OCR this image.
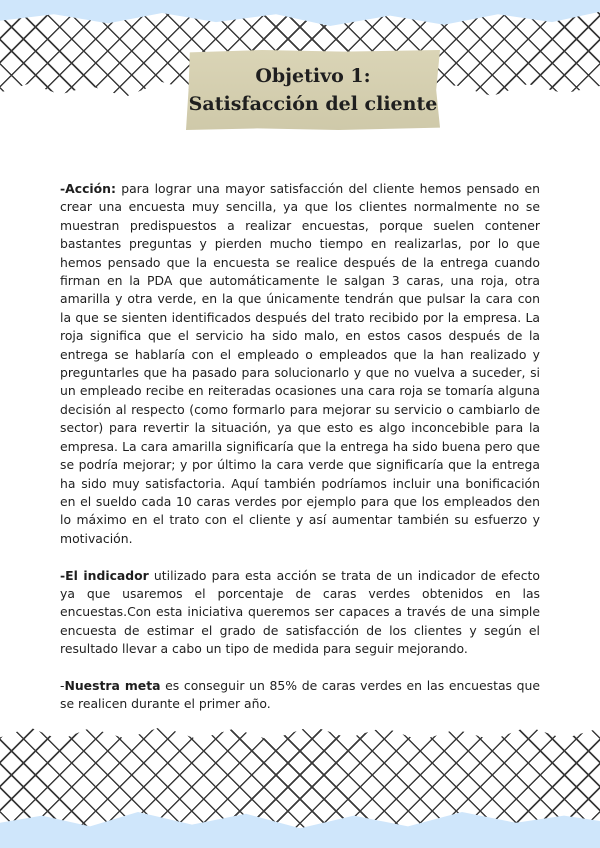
Objetivo 1:
Satisfacción del cliente

-Acción: para lograr una mayor satisfacción del cliente hemos pensado en crear una encuesta muy sencilla, ya que los clientes normalmente no se muestran predispuestos a realizar encuestas, porque suelen contener bastantes preguntas y pierden mucho tiempo en realizarlas, por lo que hemos pensado que la encuesta se realice después de la entrega cuando firman en la PDA que automáticamente le salgan 3 caras, una roja, otra amarilla y otra verde, en la que únicamente tendrán que pulsar la cara con la que se sienten identificados después del trato recibido por la empresa. La roja significa que el servicio ha sido malo, en estos casos después de la entrega se hablaría con el empleado o empleados que la han realizado y preguntarles que ha pasado para solucionarlo y que no vuelva a suceder, si un empleado recibe en reiteradas ocasiones una cara roja se tomaría alguna decisión al respecto (como formarlo para mejorar su servicio o cambiarlo de sector) para revertir la situación, ya que esto es algo inconcebible para la empresa. La cara amarilla significaría que la entrega ha sido buena pero que se podría mejorar; y por último la cara verde que significaría que la entrega ha sido muy satisfactoria. Aquí también podríamos incluir una bonificación en el sueldo cada 10 caras verdes por ejemplo para que los empleados den lo máximo en el trato con el cliente y así aumentar también su esfuerzo y motivación.

-El indicador utilizado para esta acción se trata de un indicador de efecto ya que usaremos el porcentaje de caras verdes obtenidos en las encuestas.Con esta iniciativa queremos ser capaces a través de una simple encuesta de estimar el grado de satisfacción de los clientes y según el resultado llevar a cabo un tipo de medida para seguir mejorando.

-Nuestra meta es conseguir un 85% de caras verdes en las encuestas que se realicen durante el primer año.
